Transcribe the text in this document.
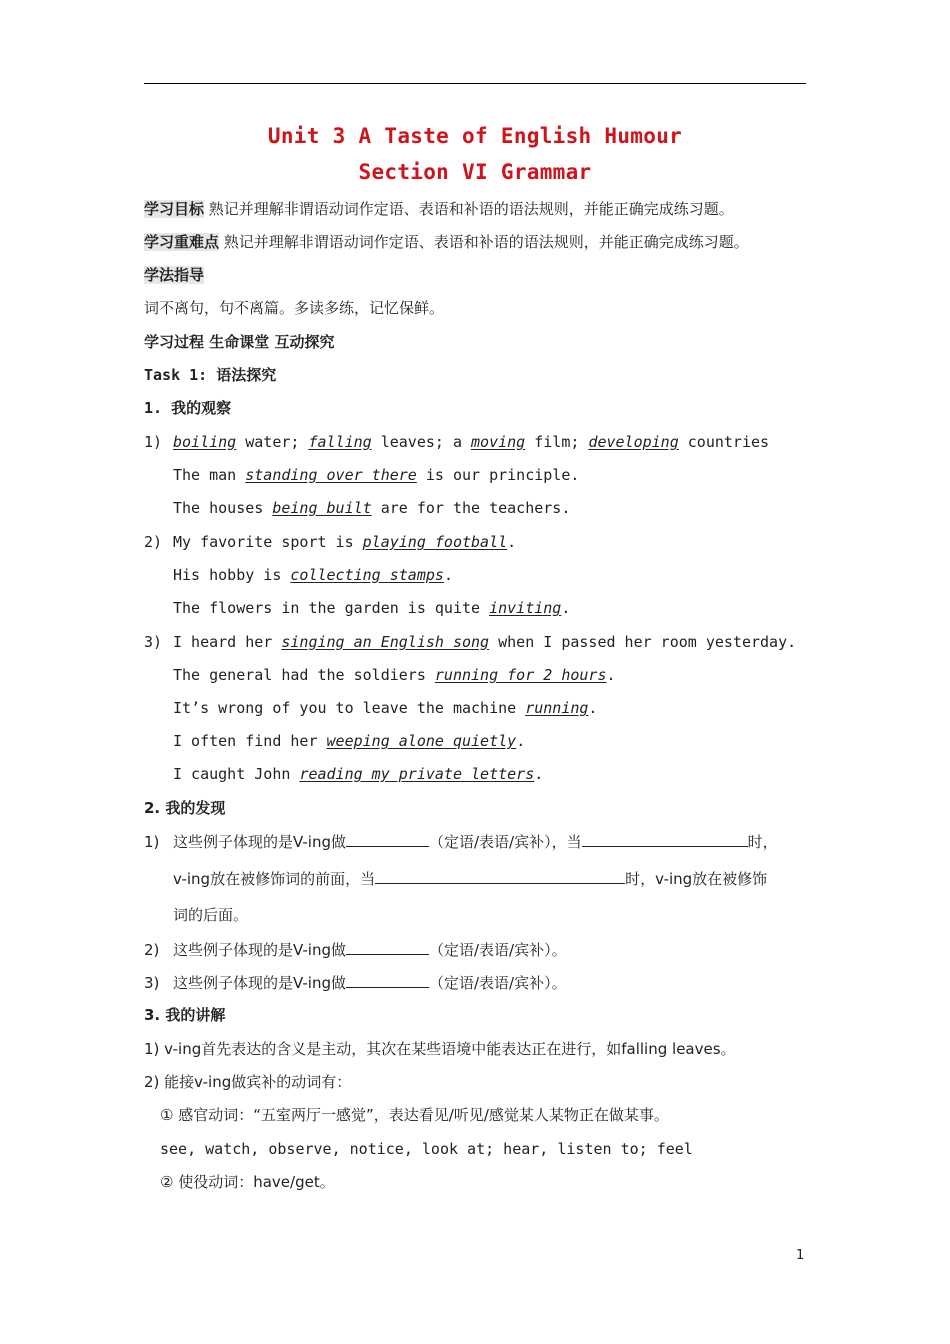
Unit 3 A Taste of English Humour
Section VI Grammar
学习目标 熟记并理解非谓语动词作定语、表语和补语的语法规则，并能正确完成练习题。
学习重难点 熟记并理解非谓语动词作定语、表语和补语的语法规则，并能正确完成练习题。
学法指导
词不离句，句不离篇。多读多练，记忆保鲜。
学习过程 生命课堂 互动探究
Task 1: 语法探究
1. 我的观察
1) boiling water; falling leaves; a moving film; developing countries
The man standing over there is our principle.
The houses being built are for the teachers.
2) My favorite sport is playing football.
His hobby is collecting stamps.
The flowers in the garden is quite inviting.
3) I heard her singing an English song when I passed her room yesterday.
The general had the soldiers running for 2 hours.
It’s wrong of you to leave the machine running.
I often find her weeping alone quietly.
I caught John reading my private letters.
2. 我的发现
1) 这些例子体现的是V-ing做	（定语/表语/宾补），当	时，
v-ing放在被修饰词的前面，当	时，v-ing放在被修饰
词的后面。
2) 这些例子体现的是V-ing做	（定语/表语/宾补）。
3) 这些例子体现的是V-ing做	（定语/表语/宾补）。
3. 我的讲解
1) v-ing首先表达的含义是主动，其次在某些语境中能表达正在进行，如falling leaves。
2) 能接v-ing做宾补的动词有：
① 感官动词：“五室两厅一感觉”，表达看见/听见/感觉某人某物正在做某事。
see, watch, observe, notice, look at; hear, listen to; feel
② 使役动词：have/get。
1
